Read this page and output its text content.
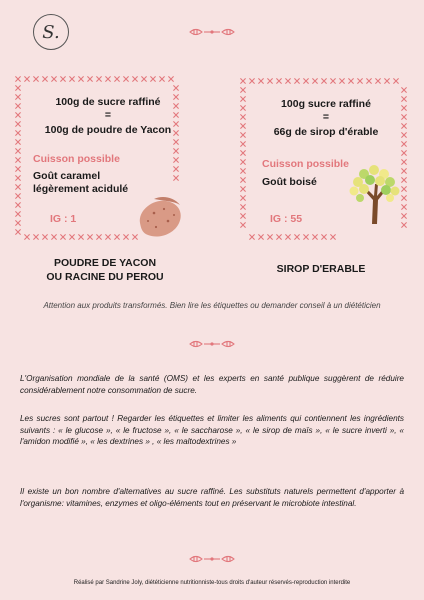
S.
100g de sucre raffiné
=
100g de poudre de Yacon
Cuisson possible
Goût caramel
légèrement acidulé
IG : 1
POUDRE DE YACON
OU RACINE DU PEROU
100g sucre raffiné
=
66g de sirop d'érable
Cuisson possible
Goût boisé
IG : 55
SIROP D'ERABLE
Attention aux produits transformés. Bien lire les étiquettes ou demander conseil à un diététicien
L'Organisation mondiale de la santé (OMS) et les experts en santé publique suggèrent de réduire considérablement notre consommation de sucre.
Les sucres sont partout ! Regarder les étiquettes et limiter les aliments qui contiennent les ingrédients suivants : « le glucose », « le fructose », « le saccharose », « le sirop de maïs », « le sucre inverti », « l'amidon modifié », « les dextrines » , « les maltodextrines »
Il existe un bon nombre d'alternatives au sucre raffiné. Les substituts naturels permettent d'apporter à l'organisme: vitamines, enzymes et oligo-éléments tout en préservant le microbiote intestinal.
Réalisé par Sandrine Joly, diététicienne nutritionniste-tous droits d'auteur réservés-reproduction interdite
